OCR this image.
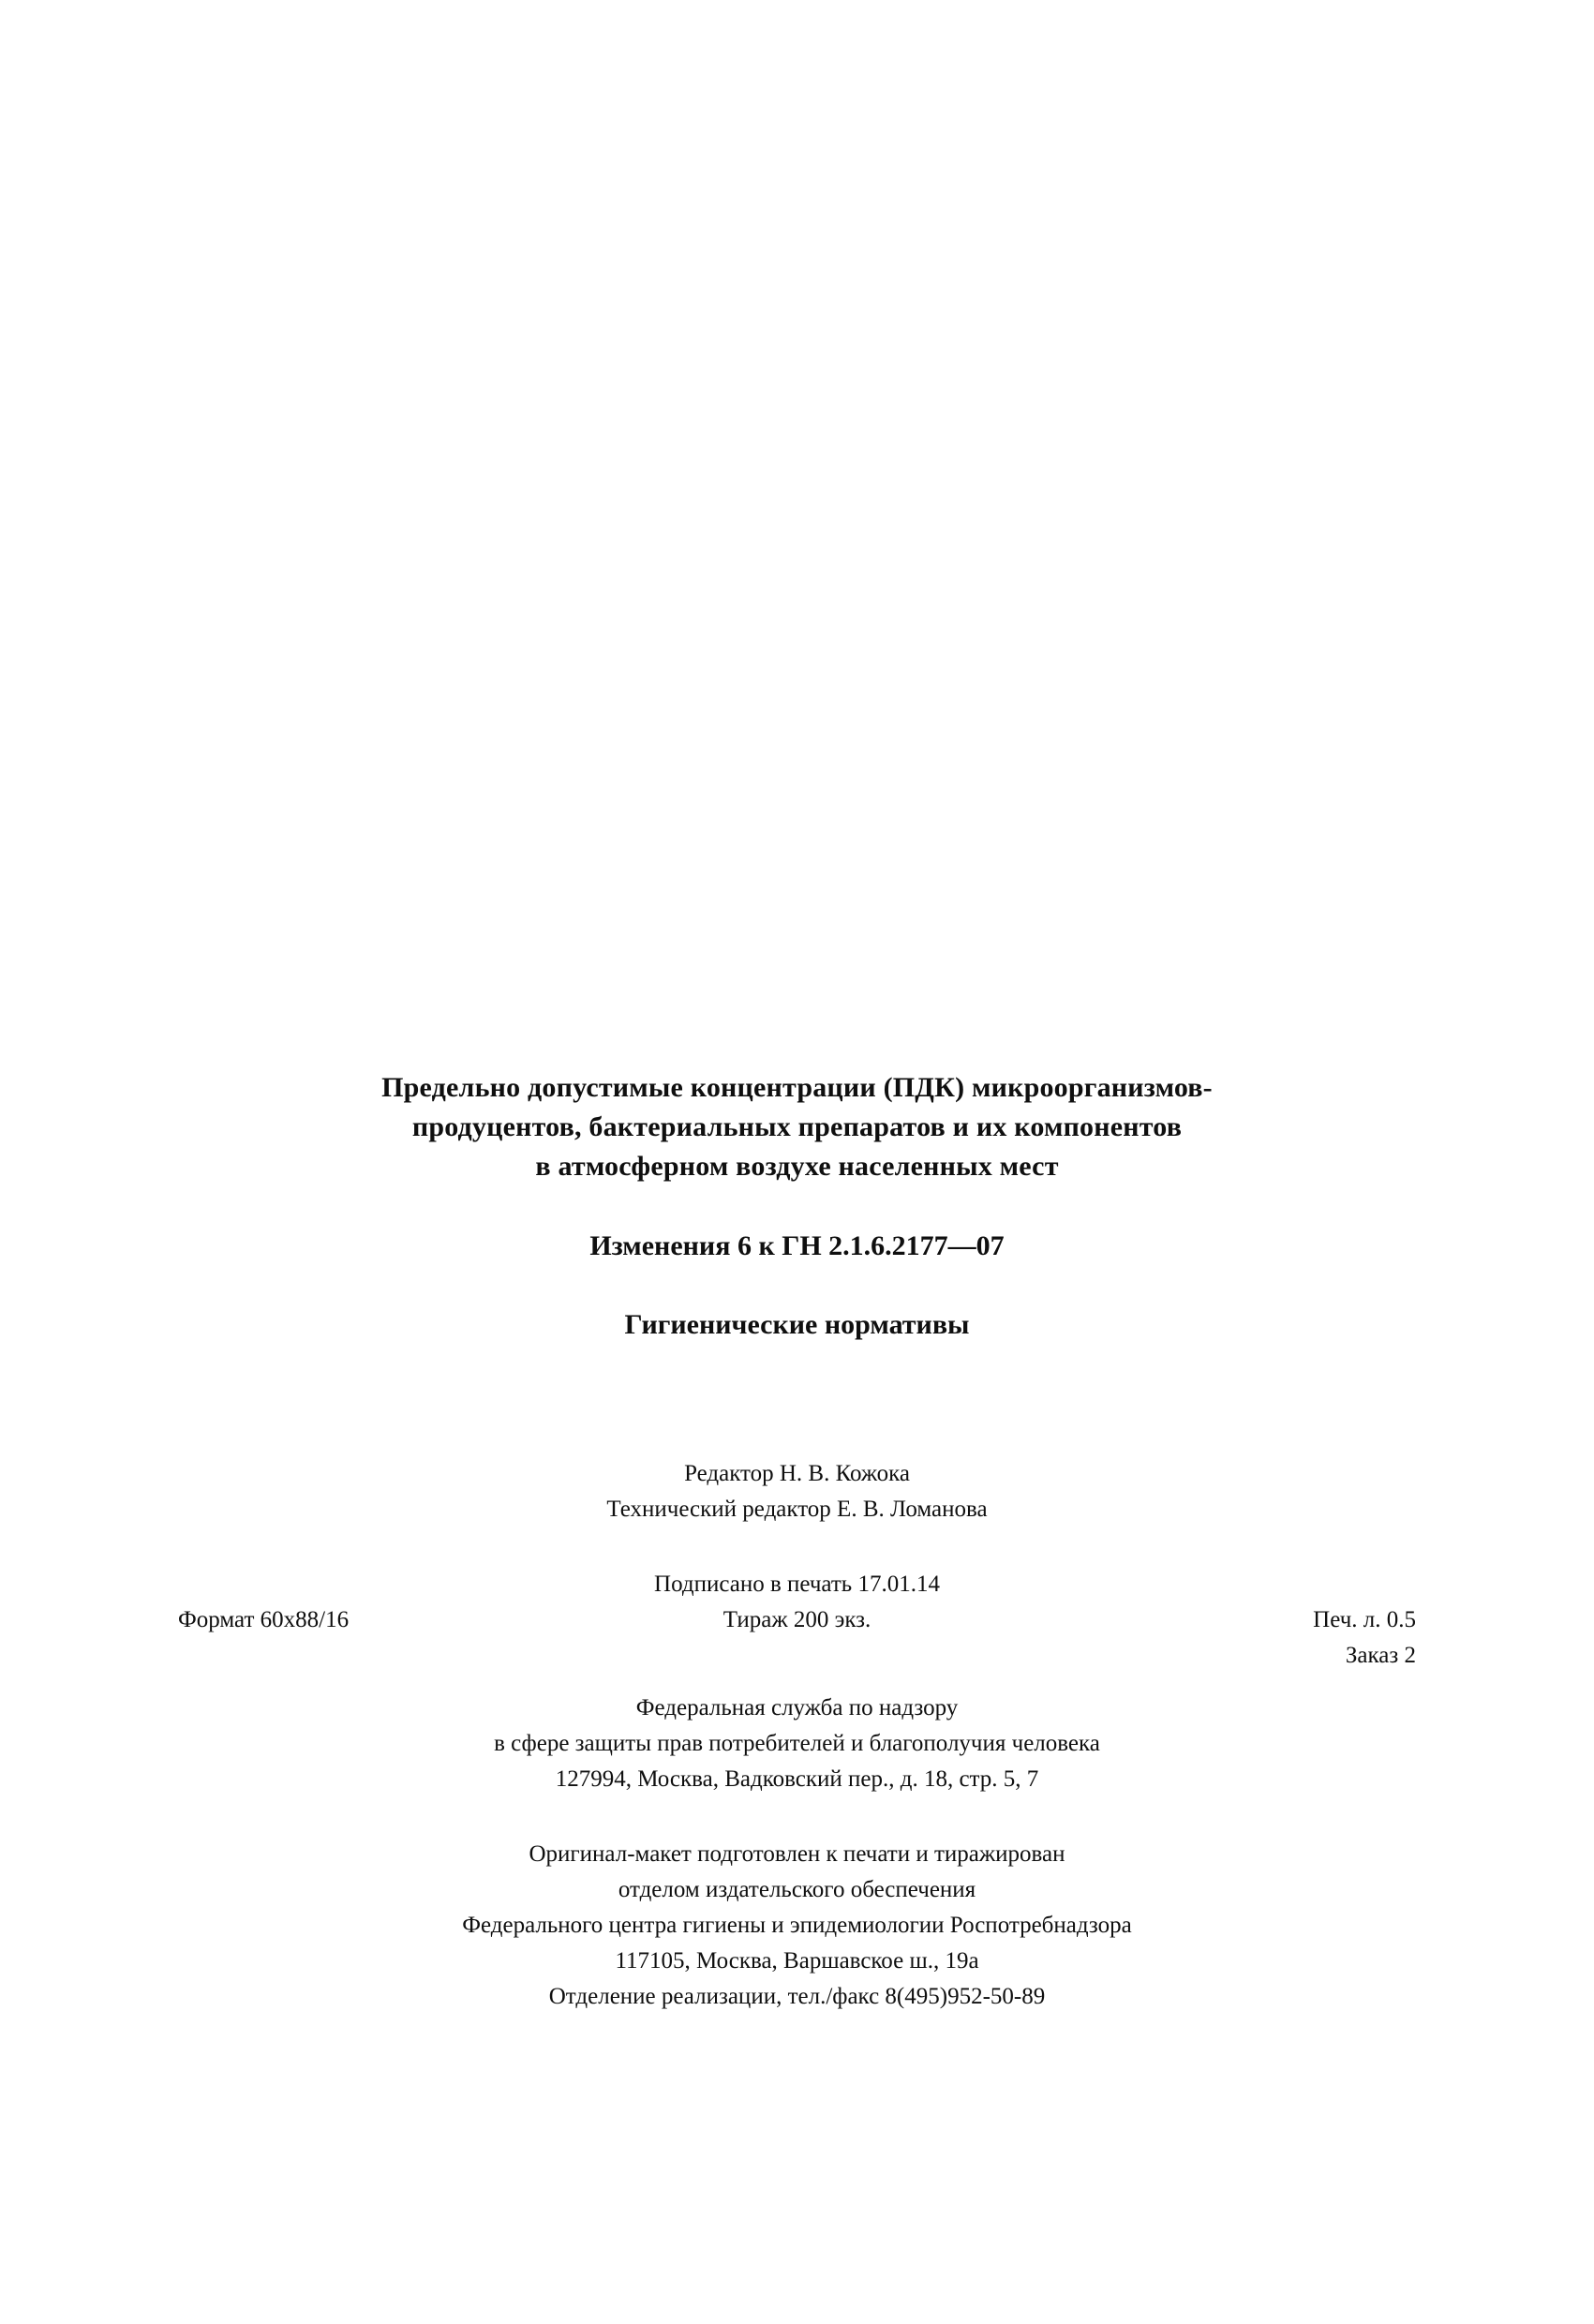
Предельно допустимые концентрации (ПДК) микроорганизмов-
продуцентов, бактериальных препаратов и их компонентов
в атмосферном воздухе населенных мест
Изменения 6 к ГН 2.1.6.2177—07
Гигиенические нормативы
Редактор Н. В. Кожока
Технический редактор Е. В. Ломанова
Подписано в печать 17.01.14
Тираж 200 экз.
Формат 60х88/16	Печ. л. 0.5
Заказ 2
Федеральная служба по надзору
в сфере защиты прав потребителей и благополучия человека
127994, Москва, Вадковский пер., д. 18, стр. 5, 7
Оригинал-макет подготовлен к печати и тиражирован
отделом издательского обеспечения
Федерального центра гигиены и эпидемиологии Роспотребнадзора
117105, Москва, Варшавское ш., 19а
Отделение реализации, тел./факс 8(495)952-50-89
